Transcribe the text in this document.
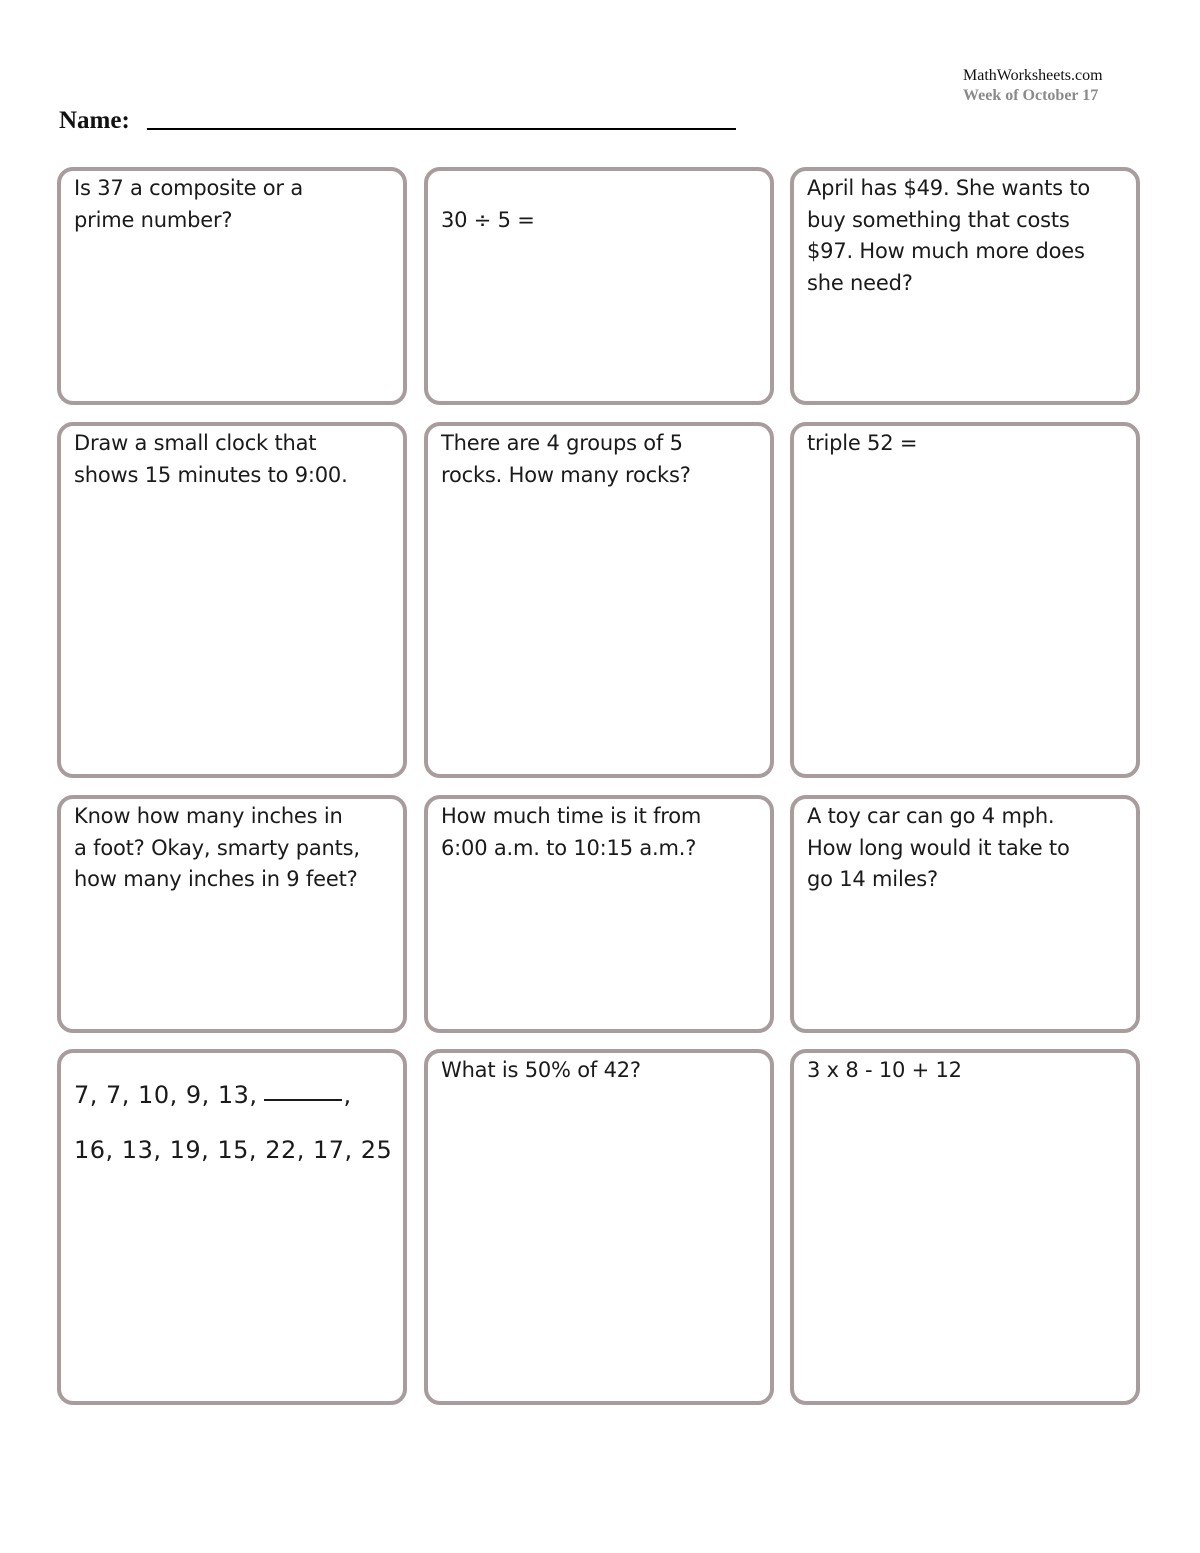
MathWorksheets.com
Week of October 17
Name:
Is 37 a composite or a
prime number?	30 ÷ 5 =
April has $49. She wants to
buy something that costs
$97. How much more does
she need?
Draw a small clock that
shows 15 minutes to 9:00.
There are 4 groups of 5
rocks. How many rocks?
triple 52 =
Know how many inches in
a foot? Okay, smarty pants,
how many inches in 9 feet?
How much time is it from
6:00 a.m. to 10:15 a.m.?
A toy car can go 4 mph.
How long would it take to
go 14 miles?
7, 7, 10, 9, 13,	,
16, 13, 19, 15, 22, 17, 25
What is 50% of 42?	3 x 8 - 10 + 12
